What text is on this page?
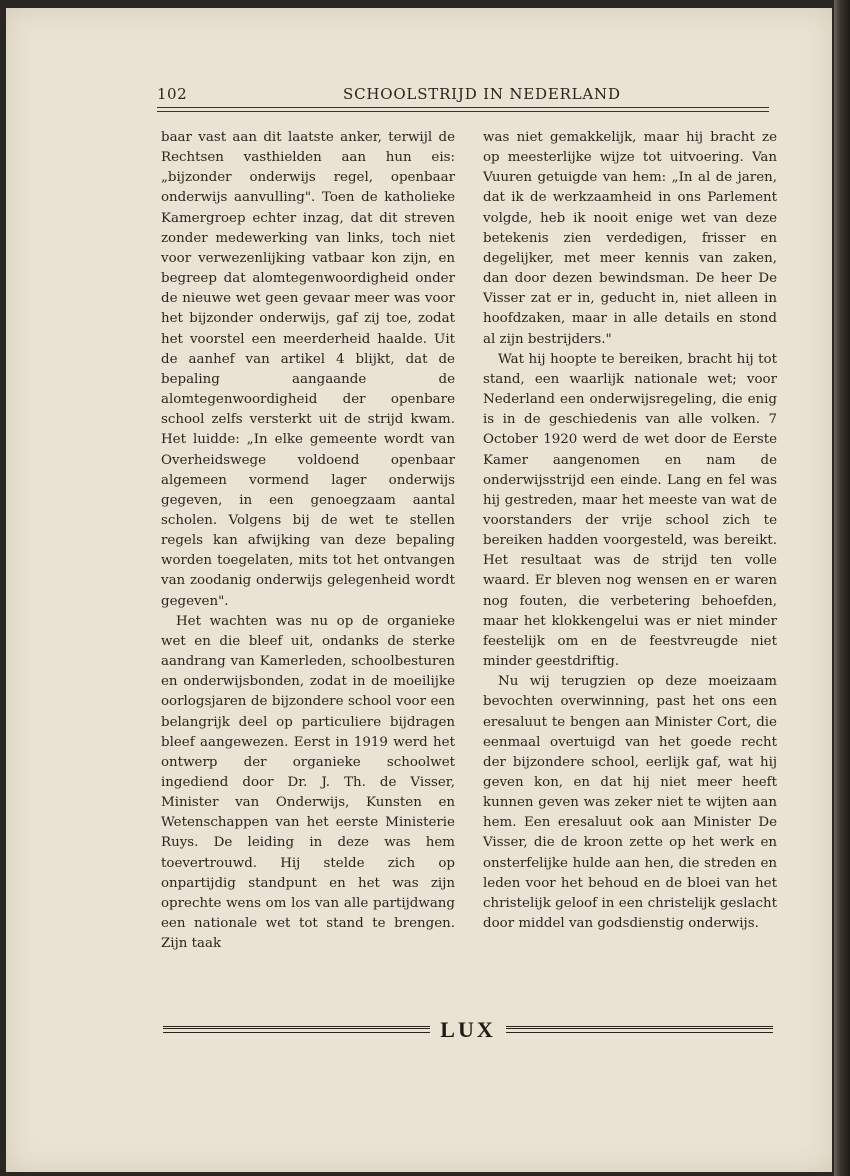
102	SCHOOLSTRIJD IN NEDERLAND

baar vast aan dit laatste anker, terwijl de Rechtsen vasthielden aan hun eis: „bijzonder onderwijs regel, openbaar onderwijs aanvulling". Toen de katholieke Kamergroep echter inzag, dat dit streven zonder medewerking van links, toch niet voor verwezenlijking vatbaar kon zijn, en begreep dat alomtegenwoordigheid onder de nieuwe wet geen gevaar meer was voor het bijzonder onderwijs, gaf zij toe, zodat het voorstel een meerderheid haalde. Uit de aanhef van artikel 4 blijkt, dat de bepaling aangaande de alomtegenwoordigheid der openbare school zelfs versterkt uit de strijd kwam. Het luidde: „In elke gemeente wordt van Overheidswege voldoend openbaar algemeen vormend lager onderwijs gegeven, in een genoegzaam aantal scholen. Volgens bij de wet te stellen regels kan afwijking van deze bepaling worden toegelaten, mits tot het ontvangen van zoodanig onderwijs gelegenheid wordt gegeven".

Het wachten was nu op de organieke wet en die bleef uit, ondanks de sterke aandrang van Kamerleden, schoolbesturen en onderwijsbonden, zodat in de moeilijke oorlogsjaren de bijzondere school voor een belangrijk deel op particuliere bijdragen bleef aangewezen. Eerst in 1919 werd het ontwerp der organieke schoolwet ingediend door Dr. J. Th. de Visser, Minister van Onderwijs, Kunsten en Wetenschappen van het eerste Ministerie Ruys. De leiding in deze was hem toevertrouwd. Hij stelde zich op onpartijdig standpunt en het was zijn oprechte wens om los van alle partijdwang een nationale wet tot stand te brengen. Zijn taak

was niet gemakkelijk, maar hij bracht ze op meesterlijke wijze tot uitvoering. Van Vuuren getuigde van hem: „In al de jaren, dat ik de werkzaamheid in ons Parlement volgde, heb ik nooit enige wet van deze betekenis zien verdedigen, frisser en degelijker, met meer kennis van zaken, dan door dezen bewindsman. De heer De Visser zat er in, geducht in, niet alleen in hoofdzaken, maar in alle details en stond al zijn bestrijders."

Wat hij hoopte te bereiken, bracht hij tot stand, een waarlijk nationale wet; voor Nederland een onderwijsregeling, die enig is in de geschiedenis van alle volken. 7 October 1920 werd de wet door de Eerste Kamer aangenomen en nam de onderwijsstrijd een einde. Lang en fel was hij gestreden, maar het meeste van wat de voorstanders der vrije school zich te bereiken hadden voorgesteld, was bereikt. Het resultaat was de strijd ten volle waard. Er bleven nog wensen en er waren nog fouten, die verbetering behoefden, maar het klokkengelui was er niet minder feestelijk om en de feestvreugde niet minder geestdriftig.

Nu wij terugzien op deze moeizaam bevochten overwinning, past het ons een eresaluut te bengen aan Minister Cort, die eenmaal overtuigd van het goede recht der bijzondere school, eerlijk gaf, wat hij geven kon, en dat hij niet meer heeft kunnen geven was zeker niet te wijten aan hem. Een eresaluut ook aan Minister De Visser, die de kroon zette op het werk en onsterfelijke hulde aan hen, die streden en leden voor het behoud en de bloei van het christelijk geloof in een christelijk geslacht door middel van godsdienstig onderwijs.

LUX
